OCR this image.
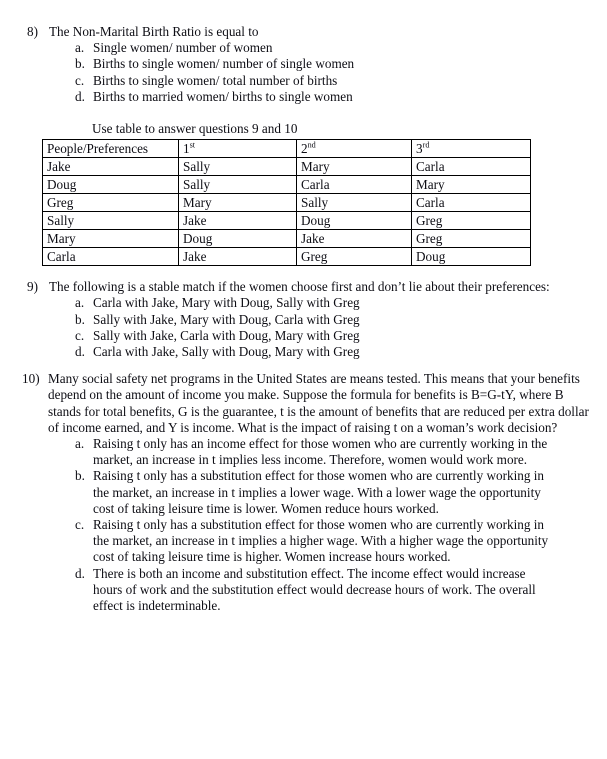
8) The Non-Marital Birth Ratio is equal to
a. Single women/ number of women
b. Births to single women/ number of single women
c. Births to single women/ total number of births
d. Births to married women/ births to single women
Use table to answer questions 9 and 10
People/Preferences	1st	2nd	3rd
Jake	Sally	Mary	Carla
Doug	Sally	Carla	Mary
Greg	Mary	Sally	Carla
Sally	Jake	Doug	Greg
Mary	Doug	Jake	Greg
Carla	Jake	Greg	Doug
9) The following is a stable match if the women choose first and don’t lie about their preferences:
a. Carla with Jake, Mary with Doug, Sally with Greg
b. Sally with Jake, Mary with Doug, Carla with Greg
c. Sally with Jake, Carla with Doug, Mary with Greg
d. Carla with Jake, Sally with Doug, Mary with Greg
10) Many social safety net programs in the United States are means tested. This means that your benefits depend on the amount of income you make. Suppose the formula for benefits is B=G-tY, where B stands for total benefits, G is the guarantee, t is the amount of benefits that are reduced per extra dollar of income earned, and Y is income. What is the impact of raising t on a woman’s work decision?
a. Raising t only has an income effect for those women who are currently working in the market, an increase in t implies less income. Therefore, women would work more.
b. Raising t only has a substitution effect for those women who are currently working in the market, an increase in t implies a lower wage. With a lower wage the opportunity cost of taking leisure time is lower. Women reduce hours worked.
c. Raising t only has a substitution effect for those women who are currently working in the market, an increase in t implies a higher wage. With a higher wage the opportunity cost of taking leisure time is higher. Women increase hours worked.
d. There is both an income and substitution effect. The income effect would increase hours of work and the substitution effect would decrease hours of work. The overall effect is indeterminable.
